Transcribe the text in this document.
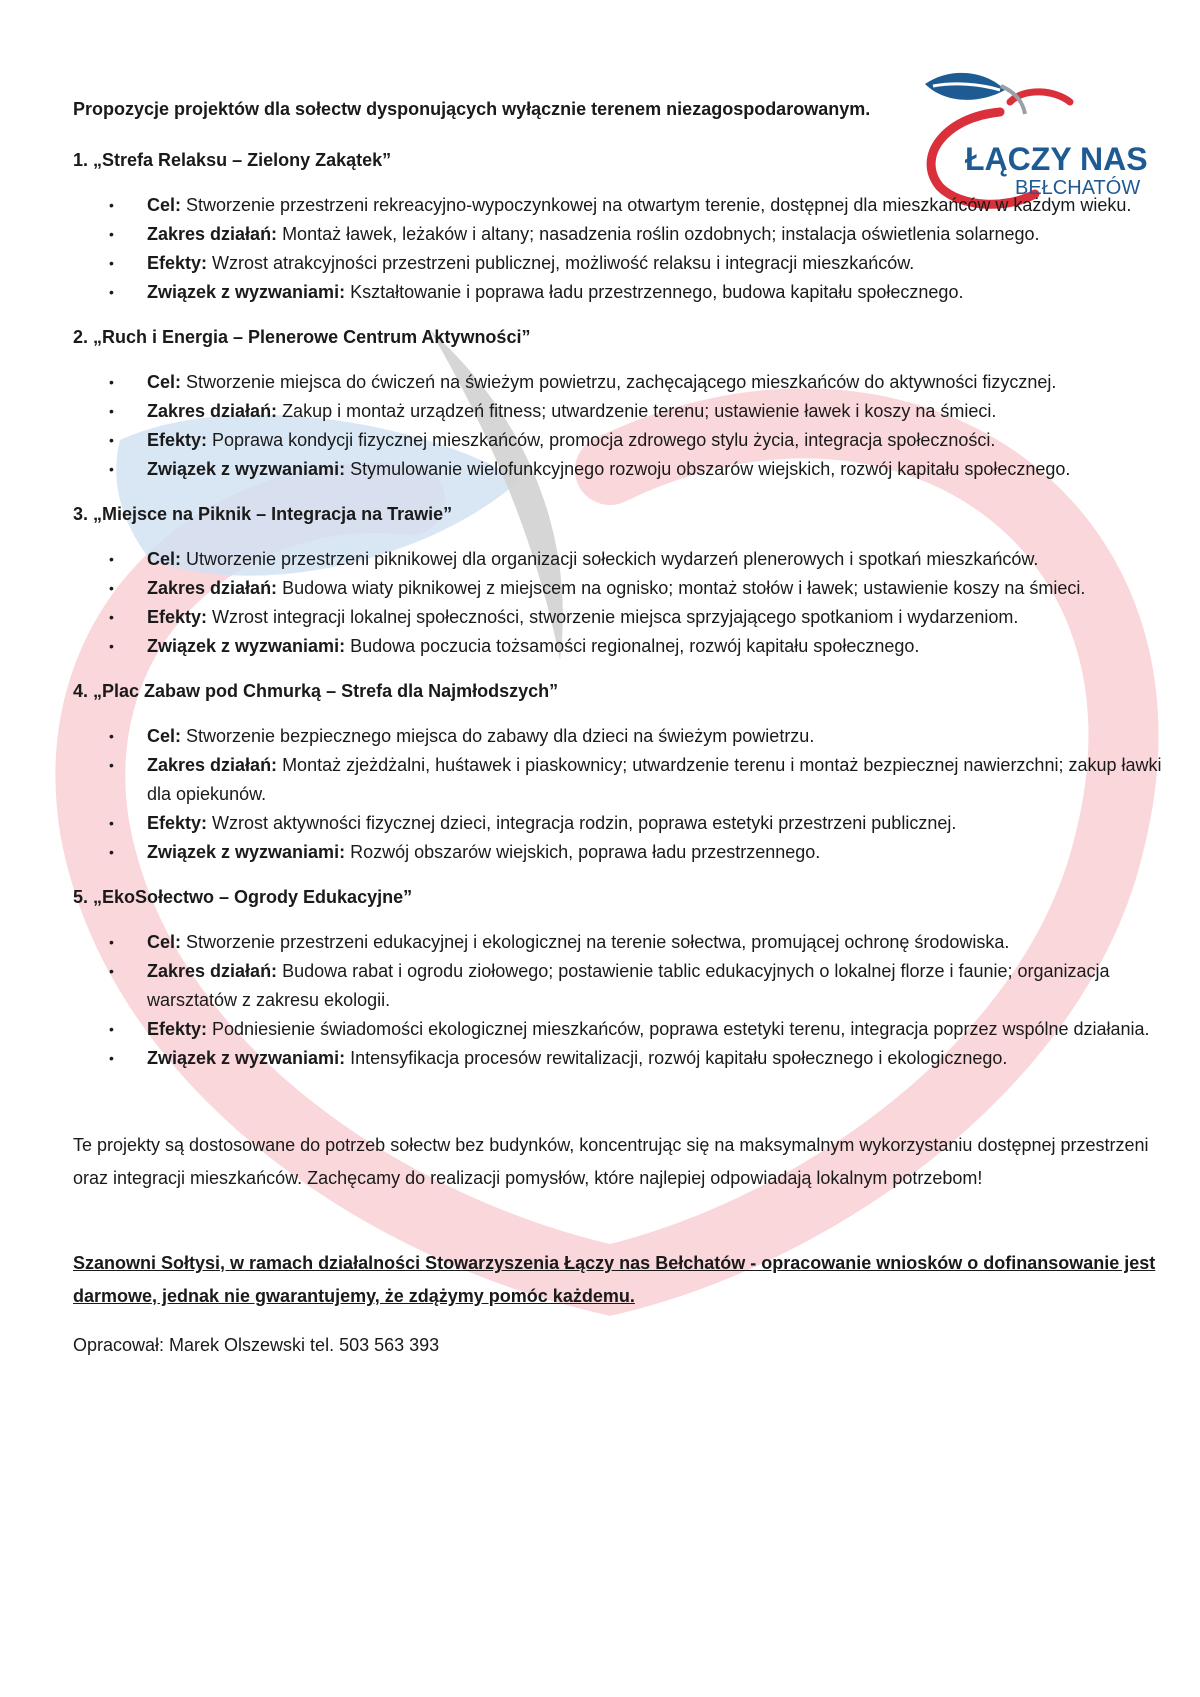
ŁĄCZY NAS
BEŁCHATÓW

Propozycje projektów dla sołectw dysponujących wyłącznie terenem niezagospodarowanym.

1. „Strefa Relaksu – Zielony Zakątek”

• Cel: Stworzenie przestrzeni rekreacyjno-wypoczynkowej na otwartym terenie, dostępnej dla mieszkańców w każdym wieku.
• Zakres działań: Montaż ławek, leżaków i altany; nasadzenia roślin ozdobnych; instalacja oświetlenia solarnego.
• Efekty: Wzrost atrakcyjności przestrzeni publicznej, możliwość relaksu i integracji mieszkańców.
• Związek z wyzwaniami: Kształtowanie i poprawa ładu przestrzennego, budowa kapitału społecznego.

2. „Ruch i Energia – Plenerowe Centrum Aktywności”

• Cel: Stworzenie miejsca do ćwiczeń na świeżym powietrzu, zachęcającego mieszkańców do aktywności fizycznej.
• Zakres działań: Zakup i montaż urządzeń fitness; utwardzenie terenu; ustawienie ławek i koszy na śmieci.
• Efekty: Poprawa kondycji fizycznej mieszkańców, promocja zdrowego stylu życia, integracja społeczności.
• Związek z wyzwaniami: Stymulowanie wielofunkcyjnego rozwoju obszarów wiejskich, rozwój kapitału społecznego.

3. „Miejsce na Piknik – Integracja na Trawie”

• Cel: Utworzenie przestrzeni piknikowej dla organizacji sołeckich wydarzeń plenerowych i spotkań mieszkańców.
• Zakres działań: Budowa wiaty piknikowej z miejscem na ognisko; montaż stołów i ławek; ustawienie koszy na śmieci.
• Efekty: Wzrost integracji lokalnej społeczności, stworzenie miejsca sprzyjającego spotkaniom i wydarzeniom.
• Związek z wyzwaniami: Budowa poczucia tożsamości regionalnej, rozwój kapitału społecznego.

4. „Plac Zabaw pod Chmurką – Strefa dla Najmłodszych”

• Cel: Stworzenie bezpiecznego miejsca do zabawy dla dzieci na świeżym powietrzu.
• Zakres działań: Montaż zjeżdżalni, huśtawek i piaskownicy; utwardzenie terenu i montaż bezpiecznej nawierzchni; zakup ławki dla opiekunów.
• Efekty: Wzrost aktywności fizycznej dzieci, integracja rodzin, poprawa estetyki przestrzeni publicznej.
• Związek z wyzwaniami: Rozwój obszarów wiejskich, poprawa ładu przestrzennego.

5. „EkoSołectwo – Ogrody Edukacyjne”

• Cel: Stworzenie przestrzeni edukacyjnej i ekologicznej na terenie sołectwa, promującej ochronę środowiska.
• Zakres działań: Budowa rabat i ogrodu ziołowego; postawienie tablic edukacyjnych o lokalnej florze i faunie; organizacja warsztatów z zakresu ekologii.
• Efekty: Podniesienie świadomości ekologicznej mieszkańców, poprawa estetyki terenu, integracja poprzez wspólne działania.
• Związek z wyzwaniami: Intensyfikacja procesów rewitalizacji, rozwój kapitału społecznego i ekologicznego.

Te projekty są dostosowane do potrzeb sołectw bez budynków, koncentrując się na maksymalnym wykorzystaniu dostępnej przestrzeni oraz integracji mieszkańców. Zachęcamy do realizacji pomysłów, które najlepiej odpowiadają lokalnym potrzebom!

Szanowni Sołtysi, w ramach działalności Stowarzyszenia Łączy nas Bełchatów - opracowanie wniosków o dofinansowanie jest darmowe, jednak nie gwarantujemy, że zdążymy pomóc każdemu.

Opracował: Marek Olszewski tel. 503 563 393
